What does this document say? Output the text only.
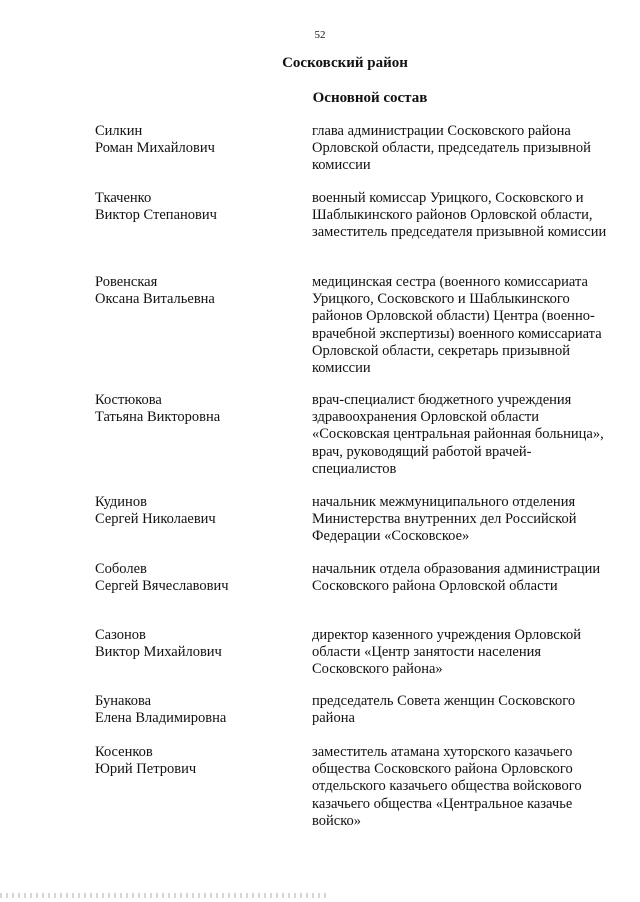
52
Сосковский район
Основной состав
Силкин
Роман Михайлович
глава администрации Сосковского района Орловской области, председатель призывной комиссии
Ткаченко
Виктор Степанович
военный комиссар Урицкого, Сосковского и Шаблыкинского районов Орловской области, заместитель председателя призывной комиссии
Ровенская
Оксана Витальевна
медицинская сестра (военного комиссариата Урицкого, Сосковского и Шаблыкинского районов Орловской области) Центра (военно-врачебной экспертизы) военного комиссариата Орловской области, секретарь призывной комиссии
Костюкова
Татьяна Викторовна
врач-специалист бюджетного учреждения здравоохранения Орловской области «Сосковская центральная районная больница», врач, руководящий работой врачей-специалистов
Кудинов
Сергей Николаевич
начальник межмуниципального отделения Министерства внутренних дел Российской Федерации «Сосковское»
Соболев
Сергей Вячеславович
начальник отдела образования администрации Сосковского района Орловской области
Сазонов
Виктор Михайлович
директор казенного учреждения Орловской области «Центр занятости населения Сосковского района»
Бунакова
Елена Владимировна
председатель Совета женщин Сосковского района
Косенков
Юрий Петрович
заместитель атамана хуторского казачьего общества Сосковского района Орловского отдельского казачьего общества войскового казачьего общества «Центральное казачье войско»
